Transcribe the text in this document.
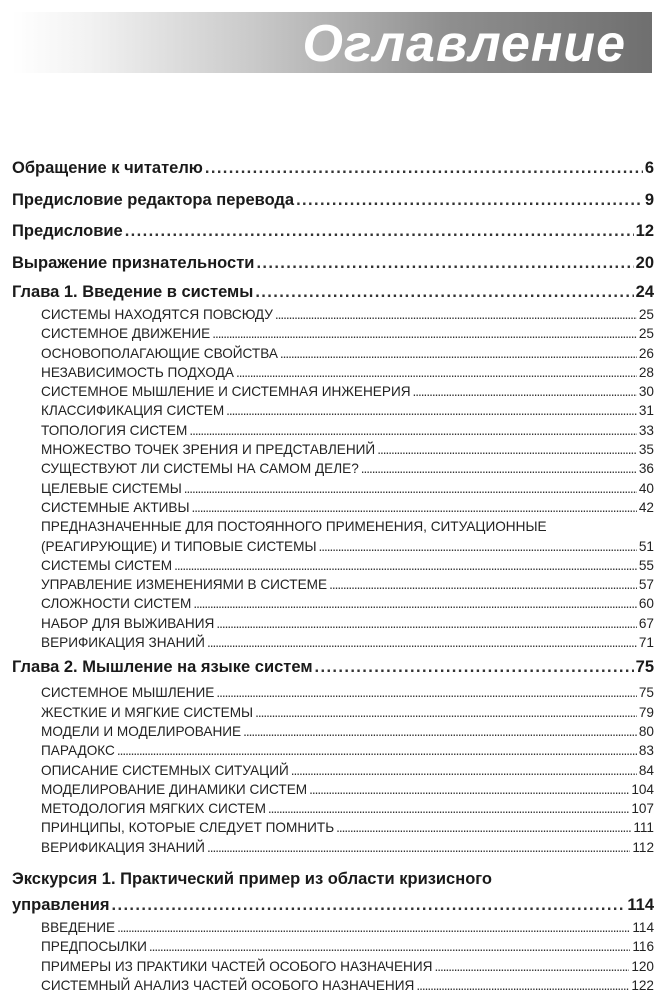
Оглавление
Обращение к читателю . . .	6
Предисловие редактора перевода . . .	9
Предисловие . . .	12
Выражение признательности . . .	20
Глава 1. Введение в системы . . .	24
СИСТЕМЫ НАХОДЯТСЯ ПОВСЮДУ . . .	25
СИСТЕМНОЕ ДВИЖЕНИЕ . . .	25
ОСНОВОПОЛАГАЮЩИЕ СВОЙСТВА . . .	26
НЕЗАВИСИМОСТЬ ПОДХОДА . . .	28
СИСТЕМНОЕ МЫШЛЕНИЕ И СИСТЕМНАЯ ИНЖЕНЕРИЯ . . .	30
КЛАССИФИКАЦИЯ СИСТЕМ . . .	31
ТОПОЛОГИЯ СИСТЕМ . . .	33
МНОЖЕСТВО ТОЧЕК ЗРЕНИЯ И ПРЕДСТАВЛЕНИЙ . . .	35
СУЩЕСТВУЮТ ЛИ СИСТЕМЫ НА САМОМ ДЕЛЕ? . . .	36
ЦЕЛЕВЫЕ СИСТЕМЫ . . .	40
СИСТЕМНЫЕ АКТИВЫ . . .	42
ПРЕДНАЗНАЧЕННЫЕ ДЛЯ ПОСТОЯННОГО ПРИМЕНЕНИЯ, СИТУАЦИОННЫЕ
(РЕАГИРУЮЩИЕ) И ТИПОВЫЕ СИСТЕМЫ . . .	51
СИСТЕМЫ СИСТЕМ . . .	55
УПРАВЛЕНИЕ ИЗМЕНЕНИЯМИ В СИСТЕМЕ . . .	57
СЛОЖНОСТИ СИСТЕМ . . .	60
НАБОР ДЛЯ ВЫЖИВАНИЯ . . .	67
ВЕРИФИКАЦИЯ ЗНАНИЙ . . .	71
Глава 2. Мышление на языке систем . . .	75
СИСТЕМНОЕ МЫШЛЕНИЕ . . .	75
ЖЕСТКИЕ И МЯГКИЕ СИСТЕМЫ . . .	79
МОДЕЛИ И МОДЕЛИРОВАНИЕ . . .	80
ПАРАДОКС . . .	83
ОПИСАНИЕ СИСТЕМНЫХ СИТУАЦИЙ . . .	84
МОДЕЛИРОВАНИЕ ДИНАМИКИ СИСТЕМ . . .	104
МЕТОДОЛОГИЯ МЯГКИХ СИСТЕМ . . .	107
ПРИНЦИПЫ, КОТОРЫЕ СЛЕДУЕТ ПОМНИТЬ . . .	111
ВЕРИФИКАЦИЯ ЗНАНИЙ . . .	112
Экскурсия 1. Практический пример из области кризисного
управления . . .	114
ВВЕДЕНИЕ . . .	114
ПРЕДПОСЫЛКИ . . .	116
ПРИМЕРЫ ИЗ ПРАКТИКИ ЧАСТЕЙ ОСОБОГО НАЗНАЧЕНИЯ . . .	120
СИСТЕМНЫЙ АНАЛИЗ ЧАСТЕЙ ОСОБОГО НАЗНАЧЕНИЯ . . .	122
